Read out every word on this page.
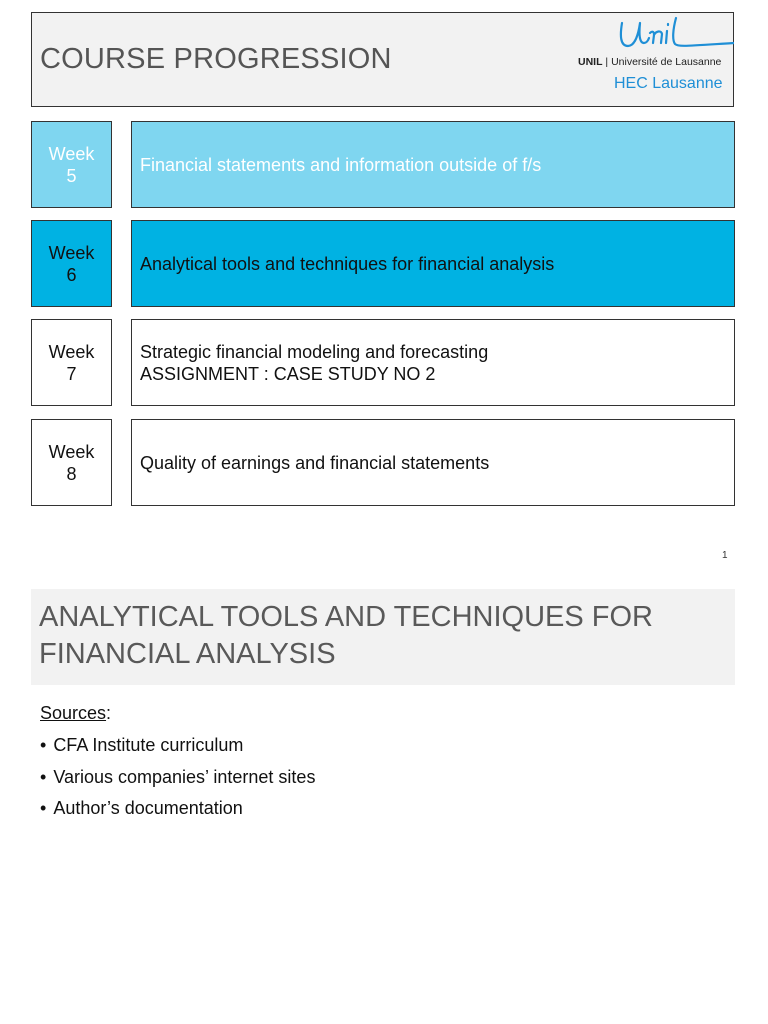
COURSE PROGRESSION	UNIL | Université de Lausanne
HEC Lausanne
Week
5
Financial statements and information outside of f/s
Week
6
Analytical tools and techniques for financial analysis
Week
7
Strategic financial modeling and forecasting
ASSIGNMENT : CASE STUDY NO 2
Week
8
Quality of earnings and financial statements
1
ANALYTICAL TOOLS AND TECHNIQUES FOR
FINANCIAL ANALYSIS
Sources:
• CFA Institute curriculum
• Various companies’ internet sites
• Author’s documentation
